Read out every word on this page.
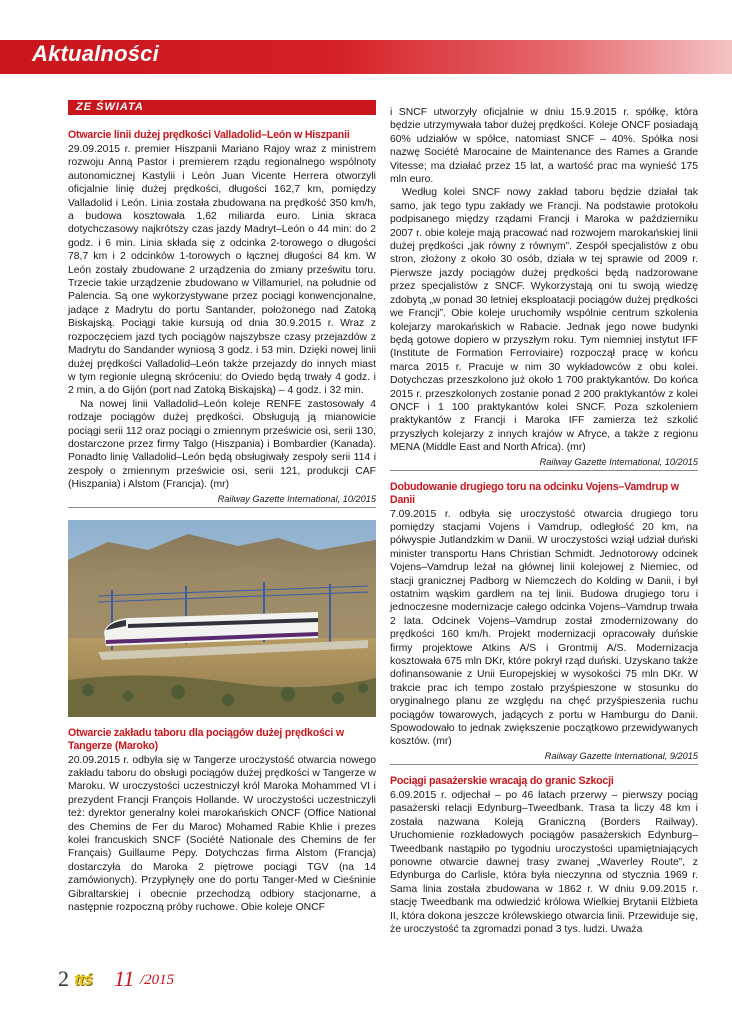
Aktualności
ZE ŚWIATA
Otwarcie linii dużej prędkości Valladolid–León w Hiszpanii

29.09.2015 r. premier Hiszpanii Mariano Rajoy wraz z ministrem rozwoju Anną Pastor i premierem rządu regionalnego wspólnoty autonomicznej Kastylii i León Juan Vicente Herrera otworzyli oficjalnie linię dużej prędkości, długości 162,7 km, pomiędzy Valladolid i León. Linia została zbudowana na prędkość 350 km/h, a budowa kosztowała 1,62 miliarda euro. Linia skraca dotychczasowy najkrótszy czas jazdy Madryt–León o 44 min: do 2 godz. i 6 min. Linia składa się z odcinka 2-torowego o długości 78,7 km i 2 odcinków 1-torowych o łącznej długości 84 km. W León zostały zbudowane 2 urządzenia do zmiany prześwitu toru. Trzecie takie urządzenie zbudowano w Villamuriel, na południe od Palencia. Są one wykorzystywane przez pociągi konwencjonalne, jadące z Madrytu do portu Santander, położonego nad Zatoką Biskajską. Pociągi takie kursują od dnia 30.9.2015 r. Wraz z rozpoczęciem jazd tych pociągów najszybsze czasy przejazdów z Madrytu do Sandander wyniosą 3 godz. i 53 min. Dzięki nowej linii dużej prędkości Valladolid–León także przejazdy do innych miast w tym regionie ulegną skróceniu: do Oviedo będą trwały 4 godz. i 2 min, a do Gijón (port nad Zatoką Biskajską) – 4 godz. i 32 min.

Na nowej linii Valladolid–León koleje RENFE zastosowały 4 rodzaje pociągów dużej prędkości. Obsługują ją mianowicie pociągi serii 112 oraz pociągi o zmiennym prześwicie osi, serii 130, dostarczone przez firmy Talgo (Hiszpania) i Bombardier (Kanada). Ponadto linię Valladolid–León będą obsługiwały zespoły serii 114 i zespoły o zmiennym prześwicie osi, serii 121, produkcji CAF (Hiszpania) i Alstom (Francja). (mr)

Railway Gazette International, 10/2015
Otwarcie zakładu taboru dla pociągów dużej prędkości w Tangerze (Maroko)

20.09.2015 r. odbyła się w Tangerze uroczystość otwarcia nowego zakładu taboru do obsługi pociągów dużej prędkości w Tangerze w Maroku. W uroczystości uczestniczył król Maroka Mohammed VI i prezydent Francji François Hollande. W uroczystości uczestniczyli też: dyrektor generalny kolei marokańskich ONCF (Office National des Chemins de Fer du Maroc) Mohamed Rabie Khlie i prezes kolei francuskich SNCF (Société Nationale des Chemins de fer Français) Guillaume Pepy. Dotychczas firma Alstom (Francja) dostarczyła do Maroka 2 piętrowe pociągi TGV (na 14 zamówionych). Przypłynęły one do portu Tanger-Med w Cieśninie Gibraltarskiej i obecnie przechodzą odbiory stacjonarne, a następnie rozpoczną próby ruchowe. Obie koleje ONCF

i SNCF utworzyły oficjalnie w dniu 15.9.2015 r. spółkę, która będzie utrzymywała tabor dużej prędkości. Koleje ONCF posiadają 60% udziałów w spółce, natomiast SNCF – 40%. Spółka nosi nazwę Société Marocaine de Maintenance des Rames a Grande Vitesse; ma działać przez 15 lat, a wartość prac ma wynieść 175 mln euro.

Według kolei SNCF nowy zakład taboru będzie działał tak samo, jak tego typu zakłady we Francji. Na podstawie protokołu podpisanego między rządami Francji i Maroka w październiku 2007 r. obie koleje mają pracować nad rozwojem marokańskiej linii dużej prędkości „jak równy z równym”. Zespół specjalistów z obu stron, złożony z około 30 osób, działa w tej sprawie od 2009 r. Pierwsze jazdy pociągów dużej prędkości będą nadzorowane przez specjalistów z SNCF. Wykorzystają oni tu swoją wiedzę zdobytą „w ponad 30 letniej eksploatacji pociągów dużej prędkości we Francji”. Obie koleje uruchomiły wspólnie centrum szkolenia kolejarzy marokańskich w Rabacie. Jednak jego nowe budynki będą gotowe dopiero w przyszłym roku. Tym niemniej instytut IFF (Institute de Formation Ferroviaire) rozpoczął pracę w końcu marca 2015 r. Pracuje w nim 30 wykładowców z obu kolei. Dotychczas przeszkolono już około 1 700 praktykantów. Do końca 2015 r. przeszkolonych zostanie ponad 2 200 praktykantów z kolei ONCF i 1 100 praktykantów kolei SNCF. Poza szkoleniem praktykantów z Francji i Maroka IFF zamierza też szkolić przyszłych kolejarzy z innych krajów w Afryce, a także z regionu MENA (Middle East and North Africa). (mr)

Railway Gazette International, 10/2015
Dobudowanie drugiego toru na odcinku Vojens–Vamdrup w Danii

7.09.2015 r. odbyła się uroczystość otwarcia drugiego toru pomiędzy stacjami Vojens i Vamdrup, odległość 20 km, na półwyspie Jutlandzkim w Danii. W uroczystości wziął udział duński minister transportu Hans Christian Schmidt. Jednotorowy odcinek Vojens–Vamdrup leżał na głównej linii kolejowej z Niemiec, od stacji granicznej Padborg w Niemczech do Kolding w Danii, i był ostatnim wąskim gardłem na tej linii. Budowa drugiego toru i jednoczesne modernizacje całego odcinka Vojens–Vamdrup trwała 2 lata. Odcinek Vojens–Vamdrup został zmodernizowany do prędkości 160 km/h. Projekt modernizacji opracowały duńskie firmy projektowe Atkins A/S i Grontmij A/S. Modernizacja kosztowała 675 mln DKr, które pokrył rząd duński. Uzyskano także dofinansowanie z Unii Europejskiej w wysokości 75 mln DKr. W trakcie prac ich tempo zostało przyśpieszone w stosunku do oryginalnego planu ze względu na chęć przyśpieszenia ruchu pociągów towarowych, jadących z portu w Hamburgu do Danii. Spowodowało to jednak zwiększenie początkowo przewidywanych kosztów. (mr)

Railway Gazette International, 9/2015
Pociągi pasażerskie wracają do granic Szkocji

6.09.2015 r. odjechał – po 46 latach przerwy – pierwszy pociąg pasażerski relacji Edynburg–Tweedbank. Trasa ta liczy 48 km i została nazwana Koleją Graniczną (Borders Railway). Uruchomienie rozkładowych pociągów pasażerskich Edynburg–Tweedbank nastąpiło po tygodniu uroczystości upamiętniających ponowne otwarcie dawnej trasy zwanej „Waverley Route”, z Edynburga do Carlisle, która była nieczynna od stycznia 1969 r. Sama linia została zbudowana w 1862 r. W dniu 9.09.2015 r. stację Tweedbank ma odwiedzić królowa Wielkiej Brytanii Elżbieta II, która dokona jeszcze królewskiego otwarcia linii. Przewiduje się, że uroczystość ta zgromadzi ponad 3 tys. ludzi. Uważa

2 ttś 11 /2015
